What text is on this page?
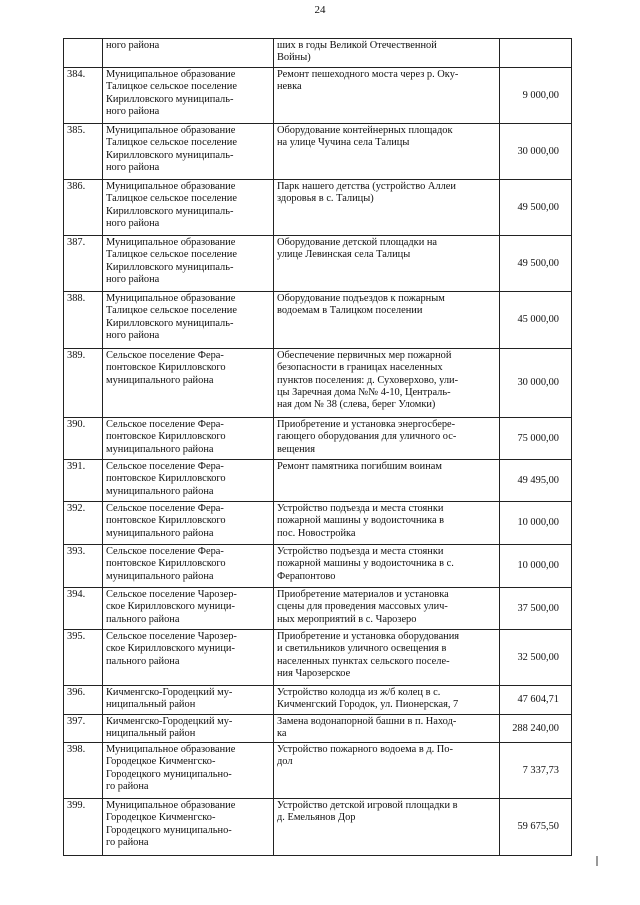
24

	ного района	ших в годы Великой Отечественной
Войны)	

384.	Муниципальное образование
Талицкое сельское поселение
Кирилловского муниципаль-
ного района	Ремонт пешеходного моста через р. Оку-
невка	9 000,00
385.	Муниципальное образование
Талицкое сельское поселение
Кирилловского муниципаль-
ного района	Оборудование контейнерных площадок
на улице Чучина села Талицы	30 000,00
386.	Муниципальное образование
Талицкое сельское поселение
Кирилловского муниципаль-
ного района	Парк нашего детства (устройство Аллеи
здоровья в с. Талицы)	49 500,00
387.	Муниципальное образование
Талицкое сельское поселение
Кирилловского муниципаль-
ного района	Оборудование детской площадки на
улице Левинская села Талицы	49 500,00
388.	Муниципальное образование
Талицкое сельское поселение
Кирилловского муниципаль-
ного района	Оборудование подъездов к пожарным
водоемам в Талицком поселении	45 000,00
389.	Сельское поселение Фера-
понтовское Кирилловского
муниципального района	Обеспечение первичных мер пожарной
безопасности в границах населенных
пунктов поселения: д. Суховерхово, ули-
цы Заречная дома №№ 4-10, Централь-
ная дом № 38 (слева, берег Уломки)	30 000,00
390.	Сельское поселение Фера-
понтовское Кирилловского
муниципального района	Приобретение и установка энергосбере-
гающего оборудования для уличного ос-
вещения	75 000,00
391.	Сельское поселение Фера-
понтовское Кирилловского
муниципального района	Ремонт памятника погибшим воинам	49 495,00
392.	Сельское поселение Фера-
понтовское Кирилловского
муниципального района	Устройство подъезда и места стоянки
пожарной машины у водоисточника в
пос. Новостройка	10 000,00
393.	Сельское поселение Фера-
понтовское Кирилловского
муниципального района	Устройство подъезда и места стоянки
пожарной машины у водоисточника в с.
Ферапонтово	10 000,00
394.	Сельское поселение Чарозер-
ское Кирилловского муници-
пального района	Приобретение материалов и установка
сцены для проведения массовых улич-
ных мероприятий в с. Чарозеро	37 500,00
395.	Сельское поселение Чарозер-
ское Кирилловского муници-
пального района	Приобретение и установка оборудования
и светильников уличного освещения в
населенных пунктах сельского поселе-
ния Чарозерское	32 500,00
396.	Кичменгско-Городецкий му-
ниципальный район	Устройство колодца из ж/б колец в с.
Кичменгский Городок, ул. Пионерская, 7	47 604,71
397.	Кичменгско-Городецкий му-
ниципальный район	Замена водонапорной башни в п. Наход-
ка	288 240,00
398.	Муниципальное образование
Городецкое Кичменгско-
Городецкого муниципально-
го района	Устройство пожарного водоема в д. По-
дол	7 337,73
399.	Муниципальное образование
Городецкое Кичменгско-
Городецкого муниципально-
го района	Устройство детской игровой площадки в
д. Емельянов Дор	59 675,50
